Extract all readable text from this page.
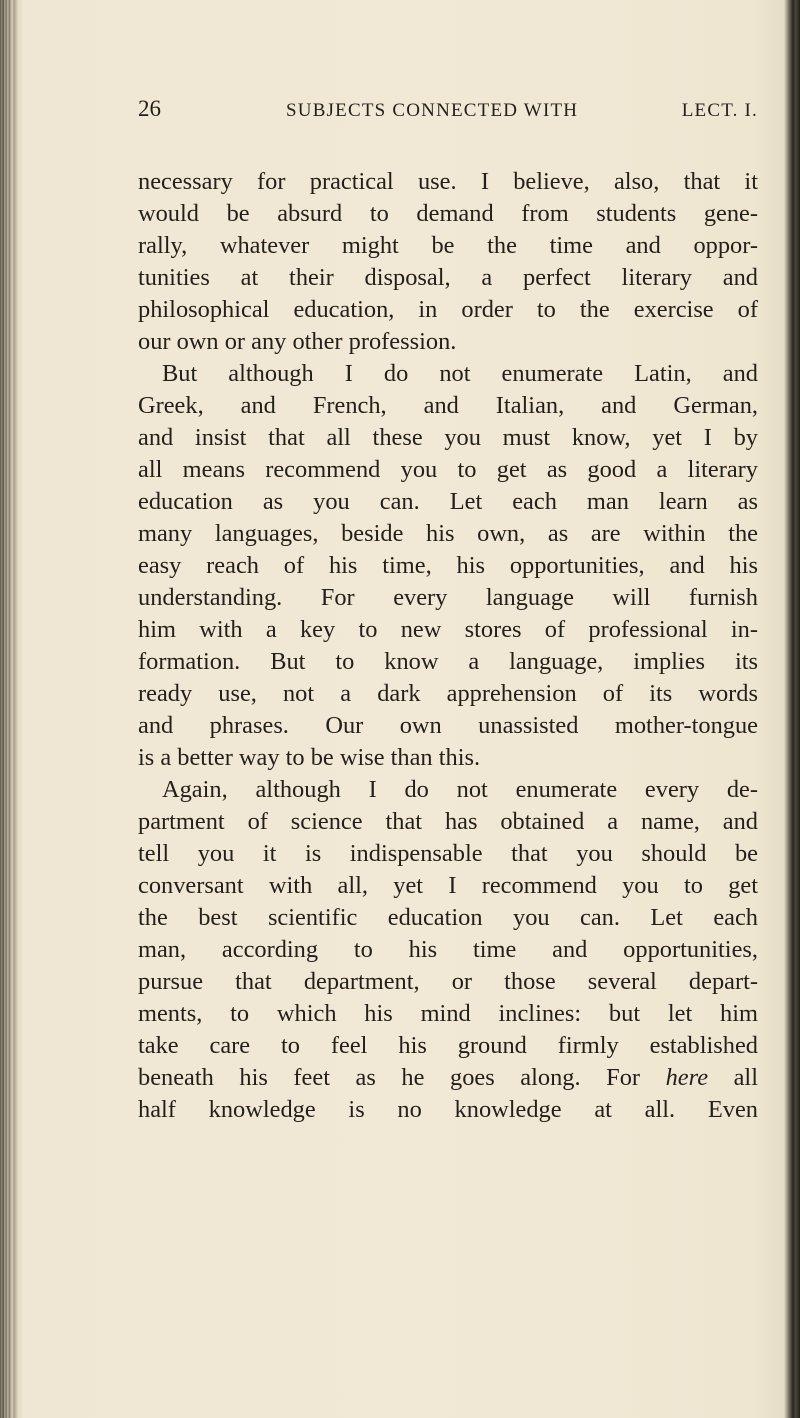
26	SUBJECTS CONNECTED WITH	LECT. I.
necessary for practical use. I believe, also, that it
would be absurd to demand from students gene-
rally, whatever might be the time and oppor-
tunities at their disposal, a perfect literary and
philosophical education, in order to the exercise of
our own or any other profession.
But although I do not enumerate Latin, and
Greek, and French, and Italian, and German,
and insist that all these you must know, yet I by
all means recommend you to get as good a literary
education as you can. Let each man learn as
many languages, beside his own, as are within the
easy reach of his time, his opportunities, and his
understanding. For every language will furnish
him with a key to new stores of professional in-
formation. But to know a language, implies its
ready use, not a dark apprehension of its words
and phrases. Our own unassisted mother-tongue
is a better way to be wise than this.
Again, although I do not enumerate every de-
partment of science that has obtained a name, and
tell you it is indispensable that you should be
conversant with all, yet I recommend you to get
the best scientific education you can. Let each
man, according to his time and opportunities,
pursue that department, or those several depart-
ments, to which his mind inclines: but let him
take care to feel his ground firmly established
beneath his feet as he goes along. For here all
half knowledge is no knowledge at all. Even
